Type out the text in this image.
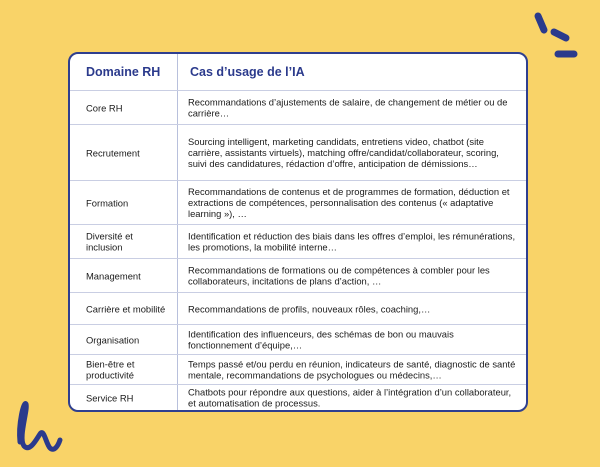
Domaine RH Cas d’usage de l’IA
Core RH
Recommandations d’ajustements de salaire, de changement de métier ou de carrière…
Recrutement
Sourcing intelligent, marketing candidats, entretiens video, chatbot (site carrière, assistants virtuels), matching offre/candidat/collaborateur, scoring, suivi des candidatures, rédaction d’offre, anticipation de démissions…
Formation
Recommandations de contenus et de programmes de formation, déduction et extractions de compétences, personnalisation des contenus (« adaptative learning »), …
Diversité et inclusion
Identification et réduction des biais dans les offres d’emploi, les rémunérations, les promotions, la mobilité interne…
Management
Recommandations de formations ou de compétences à combler pour les collaborateurs, incitations de plans d’action, …
Carrière et mobilité	Recommandations de profils, nouveaux rôles, coaching,…
Organisation
Identification des influenceurs, des schémas de bon ou mauvais fonctionnement d’équipe,…
Bien-être et productivité
Temps passé et/ou perdu en réunion, indicateurs de santé, diagnostic de santé mentale, recommandations de psychologues ou médecins,…
Service RH
Chatbots pour répondre aux questions, aider à l’intégration d’un collaborateur, et automatisation de processus.
